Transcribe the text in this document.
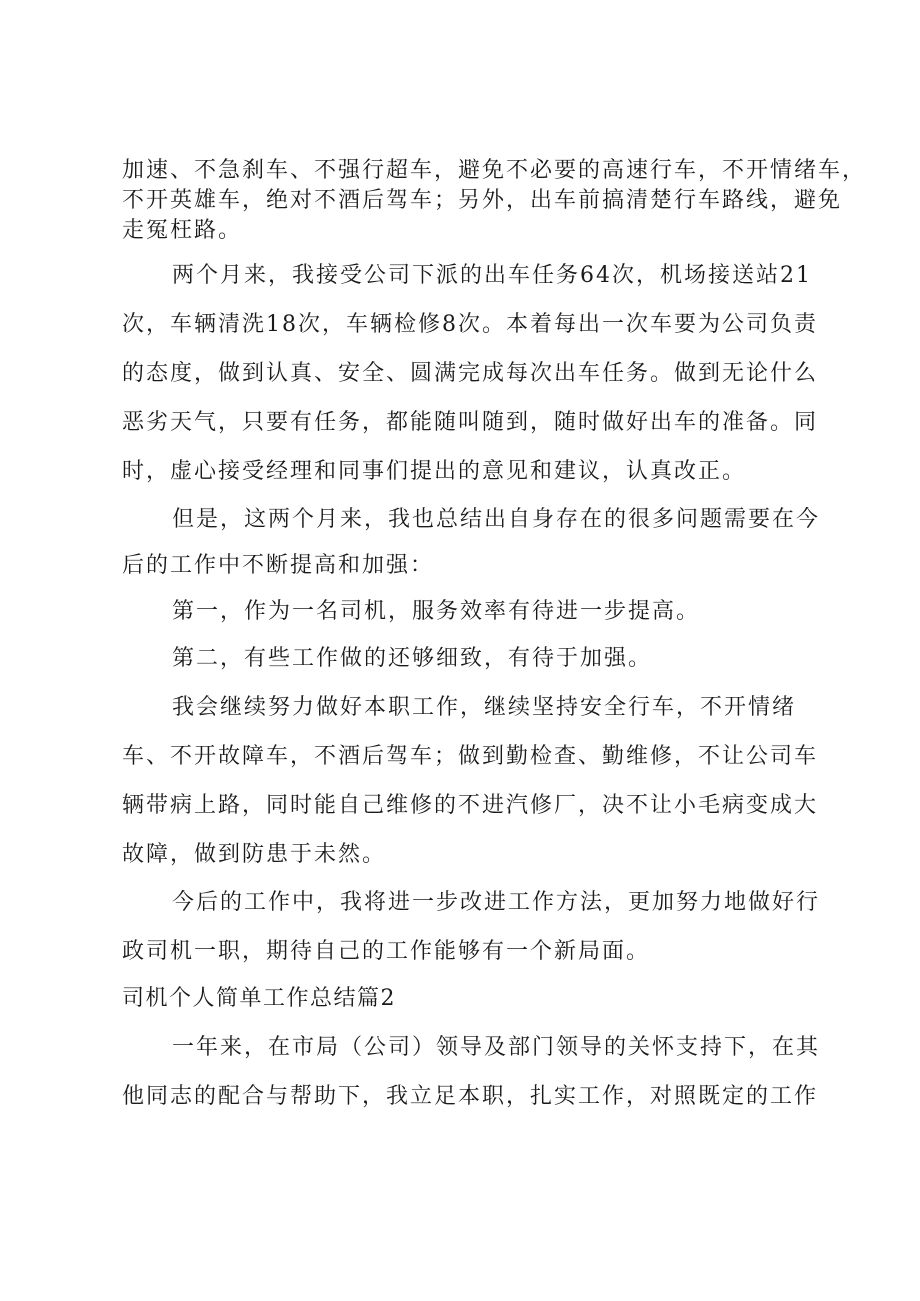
加速、不急刹车、不强行超车，避免不必要的高速行车，不开情绪车，
不开英雄车，绝对不酒后驾车；另外，出车前搞清楚行车路线，避免
走冤枉路。
两个月来，我接受公司下派的出车任务64次，机场接送站21
次，车辆清洗18次，车辆检修8次。本着每出一次车要为公司负责
的态度，做到认真、安全、圆满完成每次出车任务。做到无论什么
恶劣天气，只要有任务，都能随叫随到，随时做好出车的准备。同
时，虚心接受经理和同事们提出的意见和建议，认真改正。
但是，这两个月来，我也总结出自身存在的很多问题需要在今
后的工作中不断提高和加强：
第一，作为一名司机，服务效率有待进一步提高。
第二，有些工作做的还够细致，有待于加强。
我会继续努力做好本职工作，继续坚持安全行车，不开情绪
车、不开故障车，不酒后驾车；做到勤检查、勤维修，不让公司车
辆带病上路，同时能自己维修的不进汽修厂，决不让小毛病变成大
故障，做到防患于未然。
今后的工作中，我将进一步改进工作方法，更加努力地做好行
政司机一职，期待自己的工作能够有一个新局面。
司机个人简单工作总结篇2
一年来，在市局（公司）领导及部门领导的关怀支持下，在其
他同志的配合与帮助下，我立足本职，扎实工作，对照既定的工作
